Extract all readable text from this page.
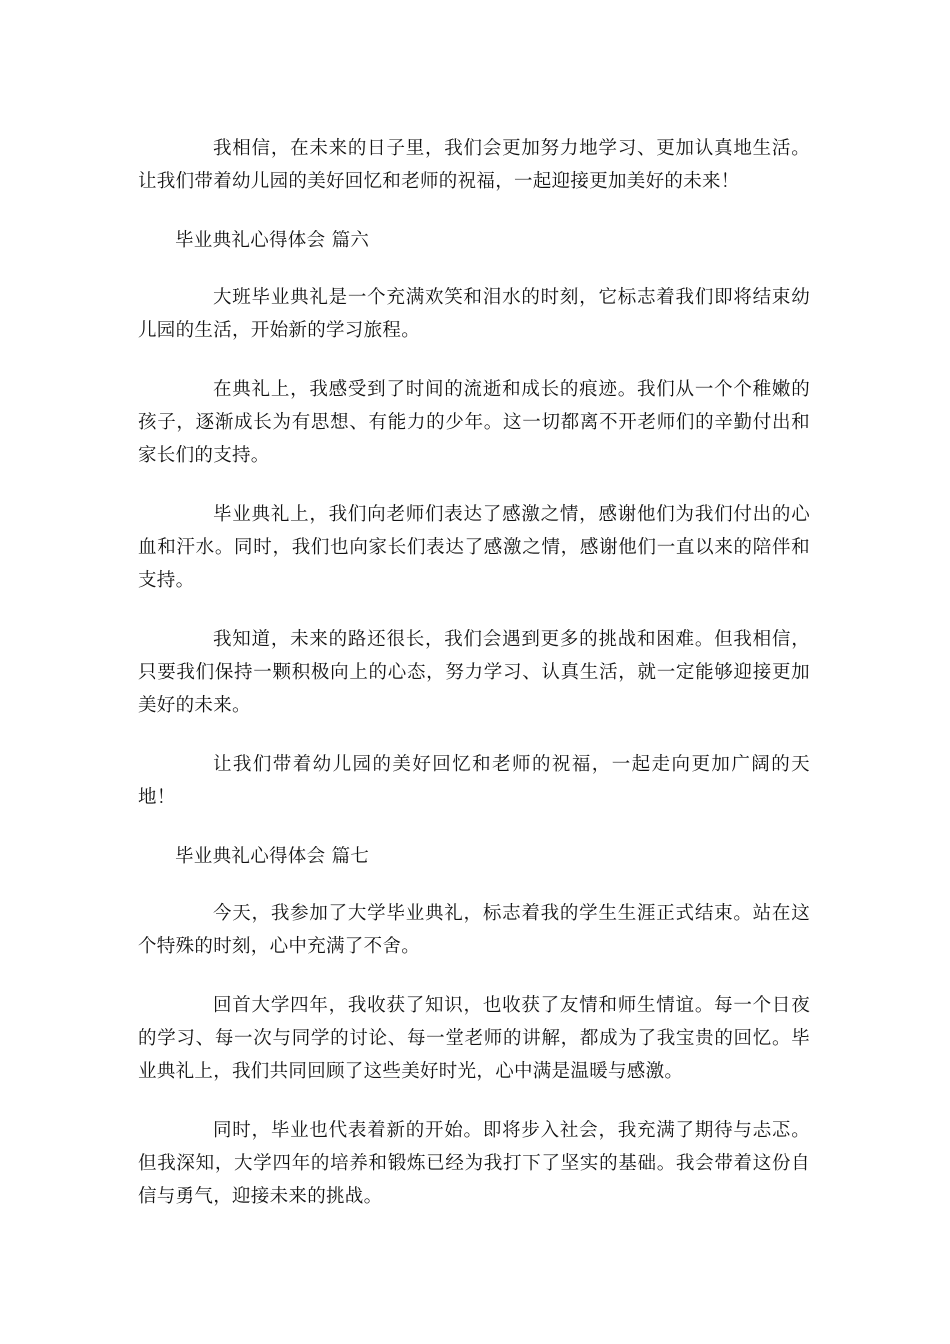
我相信，在未来的日子里，我们会更加努力地学习、更加认真地生活。让我们带着幼儿园的美好回忆和老师的祝福，一起迎接更加美好的未来！

毕业典礼心得体会 篇六

大班毕业典礼是一个充满欢笑和泪水的时刻，它标志着我们即将结束幼儿园的生活，开始新的学习旅程。

在典礼上，我感受到了时间的流逝和成长的痕迹。我们从一个个稚嫩的孩子，逐渐成长为有思想、有能力的少年。这一切都离不开老师们的辛勤付出和家长们的支持。

毕业典礼上，我们向老师们表达了感激之情，感谢他们为我们付出的心血和汗水。同时，我们也向家长们表达了感激之情，感谢他们一直以来的陪伴和支持。

我知道，未来的路还很长，我们会遇到更多的挑战和困难。但我相信，只要我们保持一颗积极向上的心态，努力学习、认真生活，就一定能够迎接更加美好的未来。

让我们带着幼儿园的美好回忆和老师的祝福，一起走向更加广阔的天地！

毕业典礼心得体会 篇七

今天，我参加了大学毕业典礼，标志着我的学生生涯正式结束。站在这个特殊的时刻，心中充满了不舍。

回首大学四年，我收获了知识，也收获了友情和师生情谊。每一个日夜的学习、每一次与同学的讨论、每一堂老师的讲解，都成为了我宝贵的回忆。毕业典礼上，我们共同回顾了这些美好时光，心中满是温暖与感激。

同时，毕业也代表着新的开始。即将步入社会，我充满了期待与忐忑。但我深知，大学四年的培养和锻炼已经为我打下了坚实的基础。我会带着这份自信与勇气，迎接未来的挑战。
